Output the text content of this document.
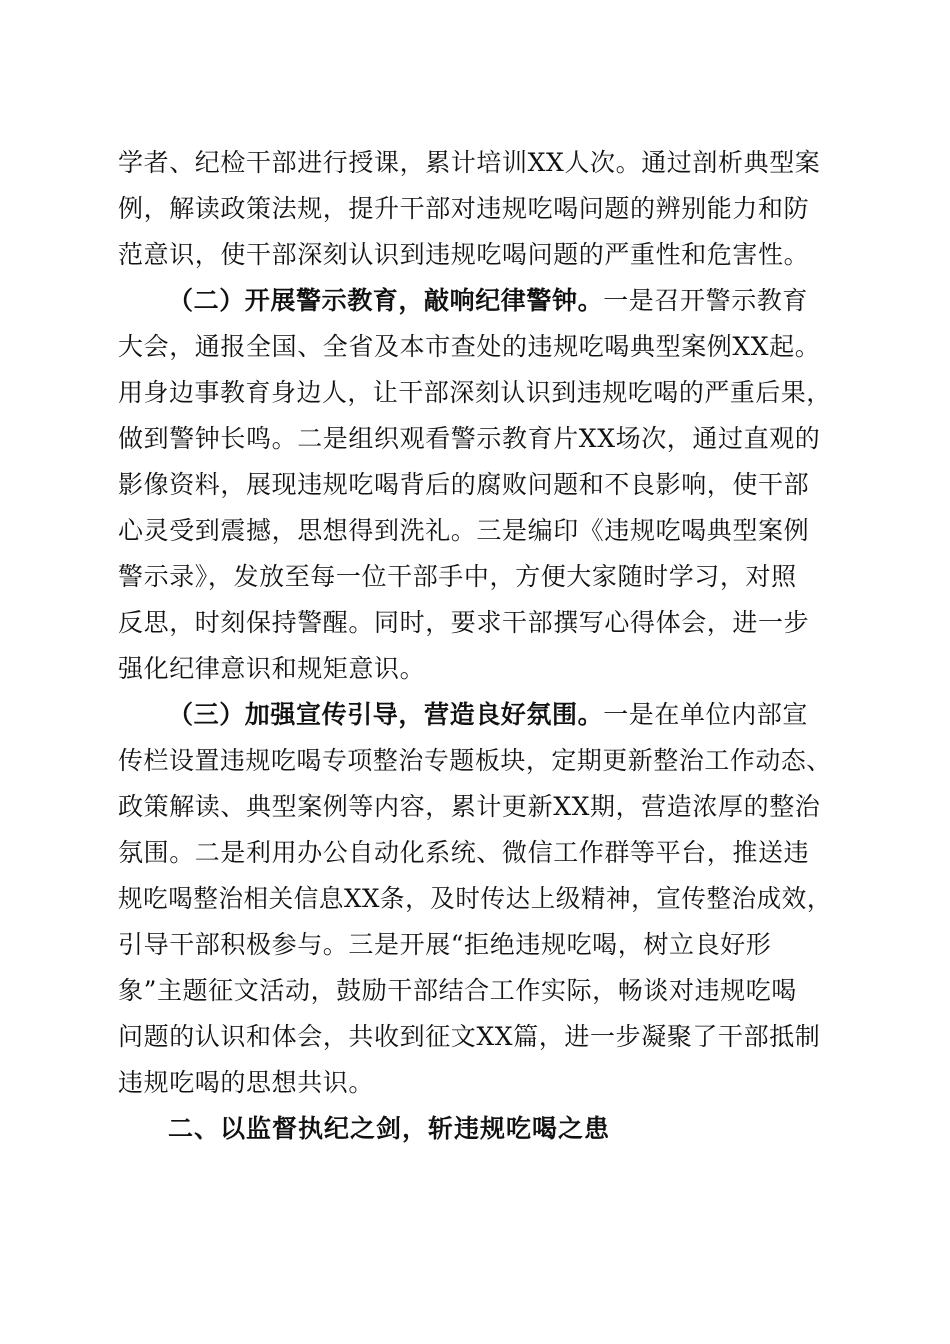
学者、纪检干部进行授课，累计培训XX人次。通过剖析典型案
例，解读政策法规，提升干部对违规吃喝问题的辨别能力和防
范意识，使干部深刻认识到违规吃喝问题的严重性和危害性。
（二）开展警示教育，敲响纪律警钟。一是召开警示教育
大会，通报全国、全省及本市查处的违规吃喝典型案例XX起。
用身边事教育身边人，让干部深刻认识到违规吃喝的严重后果，
做到警钟长鸣。二是组织观看警示教育片XX场次，通过直观的
影像资料，展现违规吃喝背后的腐败问题和不良影响，使干部
心灵受到震撼，思想得到洗礼。三是编印《违规吃喝典型案例
警示录》，发放至每一位干部手中，方便大家随时学习，对照
反思，时刻保持警醒。同时，要求干部撰写心得体会，进一步
强化纪律意识和规矩意识。
（三）加强宣传引导，营造良好氛围。一是在单位内部宣
传栏设置违规吃喝专项整治专题板块，定期更新整治工作动态、
政策解读、典型案例等内容，累计更新XX期，营造浓厚的整治
氛围。二是利用办公自动化系统、微信工作群等平台，推送违
规吃喝整治相关信息XX条，及时传达上级精神，宣传整治成效，
引导干部积极参与。三是开展“拒绝违规吃喝，树立良好形
象”主题征文活动，鼓励干部结合工作实际，畅谈对违规吃喝
问题的认识和体会，共收到征文XX篇，进一步凝聚了干部抵制
违规吃喝的思想共识。
二、以监督执纪之剑，斩违规吃喝之患
